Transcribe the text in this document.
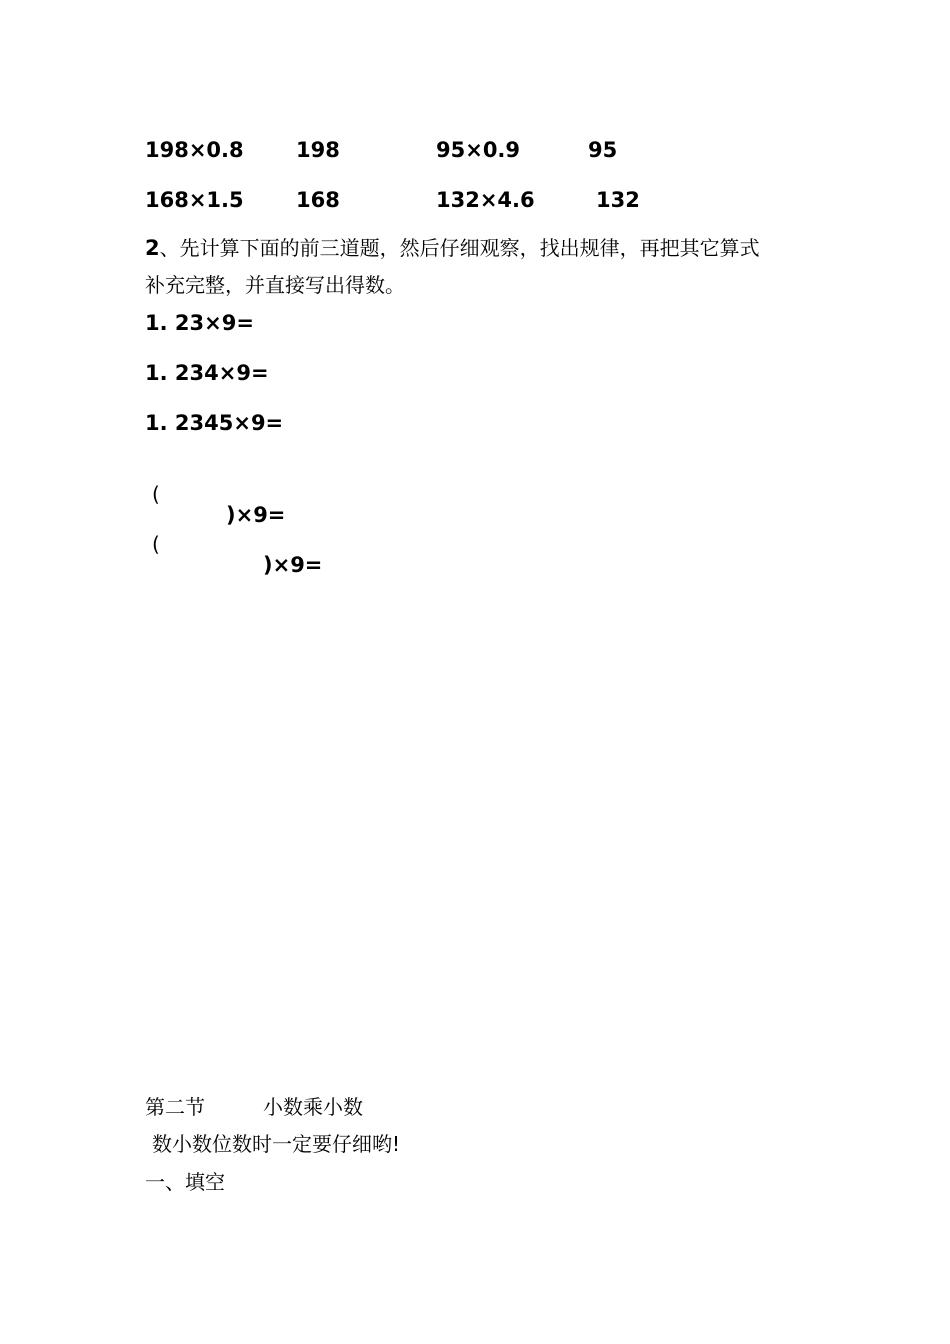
198×0.8 198	95×0.9	95
168×1.5 168	132×4.6	132
2、先计算下面的前三道题，然后仔细观察，找出规律，再把其它算式
补充完整，并直接写出得数。
1. 23×9=
1. 234×9=
1. 2345×9=

(

)×9=

(

)×9=

第二节	小数乘小数
数小数位数时一定要仔细哟!
一、填空
